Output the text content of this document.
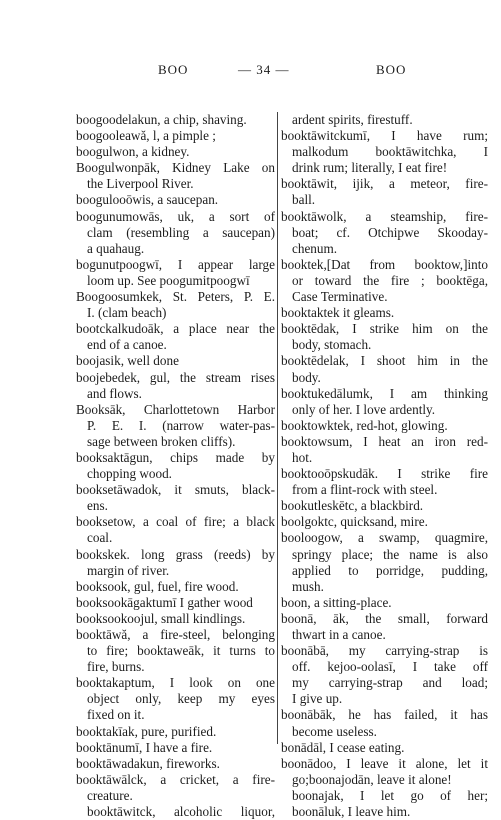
BOO	— 34 —	BOO
boogoodelakun, a chip, shaving.
boogooleawă, l, a pimple ;
boogulwon, a kidney.
Boogulwonpāk, Kidney Lake on
the Liverpool River.
boogulooōwis, a saucepan.
boogunumowās, uk, a sort of
clam (resembling a saucepan)
a quahaug.
bogunutpoogwī, I appear large
loom up. See poogumitpoogwī
Boogoosumkek, St. Peters, P. E.
I. (clam beach)
bootckalkudoāk, a place near the
end of a canoe.
boojasik, well done
boojebedek, gul, the stream rises
and flows.
Booksāk, Charlottetown Harbor
P. E. I. (narrow water-pas-
sage between broken cliffs).
booksaktāgun, chips made by
chopping wood.
booksetāwadok, it smuts, black-
ens.
booksetow, a coal of fire; a black
coal.
bookskek. long grass (reeds) by
margin of river.
booksook, gul, fuel, fire wood.
booksookāgaktumī I gather wood
booksookoojul, small kindlings.
booktāwă, a fire-steel, belonging
to fire; booktaweāk, it turns to
fire, burns.
booktakaptum, I look on one
object only, keep my eyes
fixed on it.
booktakīak, pure, purified.
booktānumī, I have a fire.
booktāwadakun, fireworks.
booktāwālck, a cricket, a fire-
creature.
booktāwitck, alcoholic liquor,
ardent spirits, firestuff.
booktāwitckumī, I have rum;
malkodum booktāwitchka, I
drink rum; literally, I eat fire!
booktāwit, ijik, a meteor, fire-
ball.
booktāwolk, a steamship, fire-
boat; cf. Otchipwe Skooday-
chenum.
booktek,[Dat from booktow,]into
or toward the fire ; booktēga,
Case Terminative.
booktaktek it gleams.
booktēdak, I strike him on the
body, stomach.
booktēdelak, I shoot him in the
body.
booktukedālumk, I am thinking
only of her. I love ardently.
booktowktek, red-hot, glowing.
booktowsum, I heat an iron red-
hot.
booktooōpskudāk. I strike fire
from a flint-rock with steel.
bookutleskētc, a blackbird.
boolgoktc, quicksand, mire.
booloogow, a swamp, quagmire,
springy place; the name is also
applied to porridge, pudding,
mush.
boon, a sitting-place.
boonā, āk, the small, forward
thwart in a canoe.
boonābā, my carrying-strap is
off. kejoo-oolasī, I take off
my carrying-strap and load;
I give up.
boonābāk, he has failed, it has
become useless.
bonādāl, I cease eating.
boonādoo, I leave it alone, let it
go;boonajodān, leave it alone!
boonajak, I let go of her;
boonāluk, I leave him.
